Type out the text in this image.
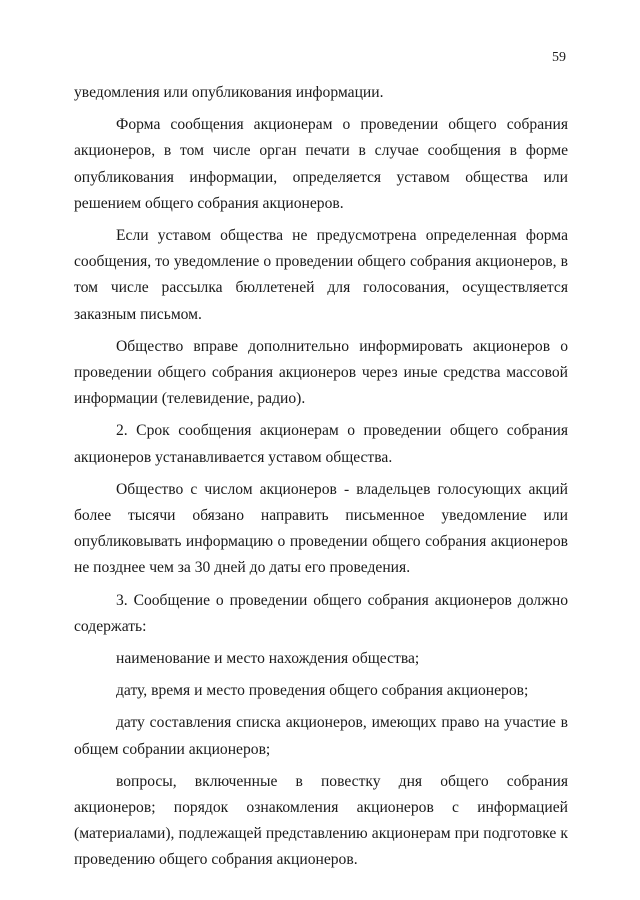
59

уведомления или опубликования информации.

Форма сообщения акционерам о проведении общего собрания акционеров, в том числе орган печати в случае сообщения в форме опубликования информации, определяется уставом общества или решением общего собрания акционеров.

Если уставом общества не предусмотрена определенная форма сообщения, то уведомление о проведении общего собрания акционеров, в том числе рассылка бюллетеней для голосования, осуществляется заказным письмом.

Общество вправе дополнительно информировать акционеров о проведении общего собрания акционеров через иные средства массовой информации (телевидение, радио).

2. Срок сообщения акционерам о проведении общего собрания акционеров устанавливается уставом общества.

Общество с числом акционеров - владельцев голосующих акций более тысячи обязано направить письменное уведомление или опубликовывать информацию о проведении общего собрания акционеров не позднее чем за 30 дней до даты его проведения.

3. Сообщение о проведении общего собрания акционеров должно содержать:

наименование и место нахождения общества;

дату, время и место проведения общего собрания акционеров;

дату составления списка акционеров, имеющих право на участие в общем собрании акционеров;

вопросы, включенные в повестку дня общего собрания акционеров; порядок ознакомления акционеров с информацией (материалами), подлежащей представлению акционерам при подготовке к проведению общего собрания акционеров.
